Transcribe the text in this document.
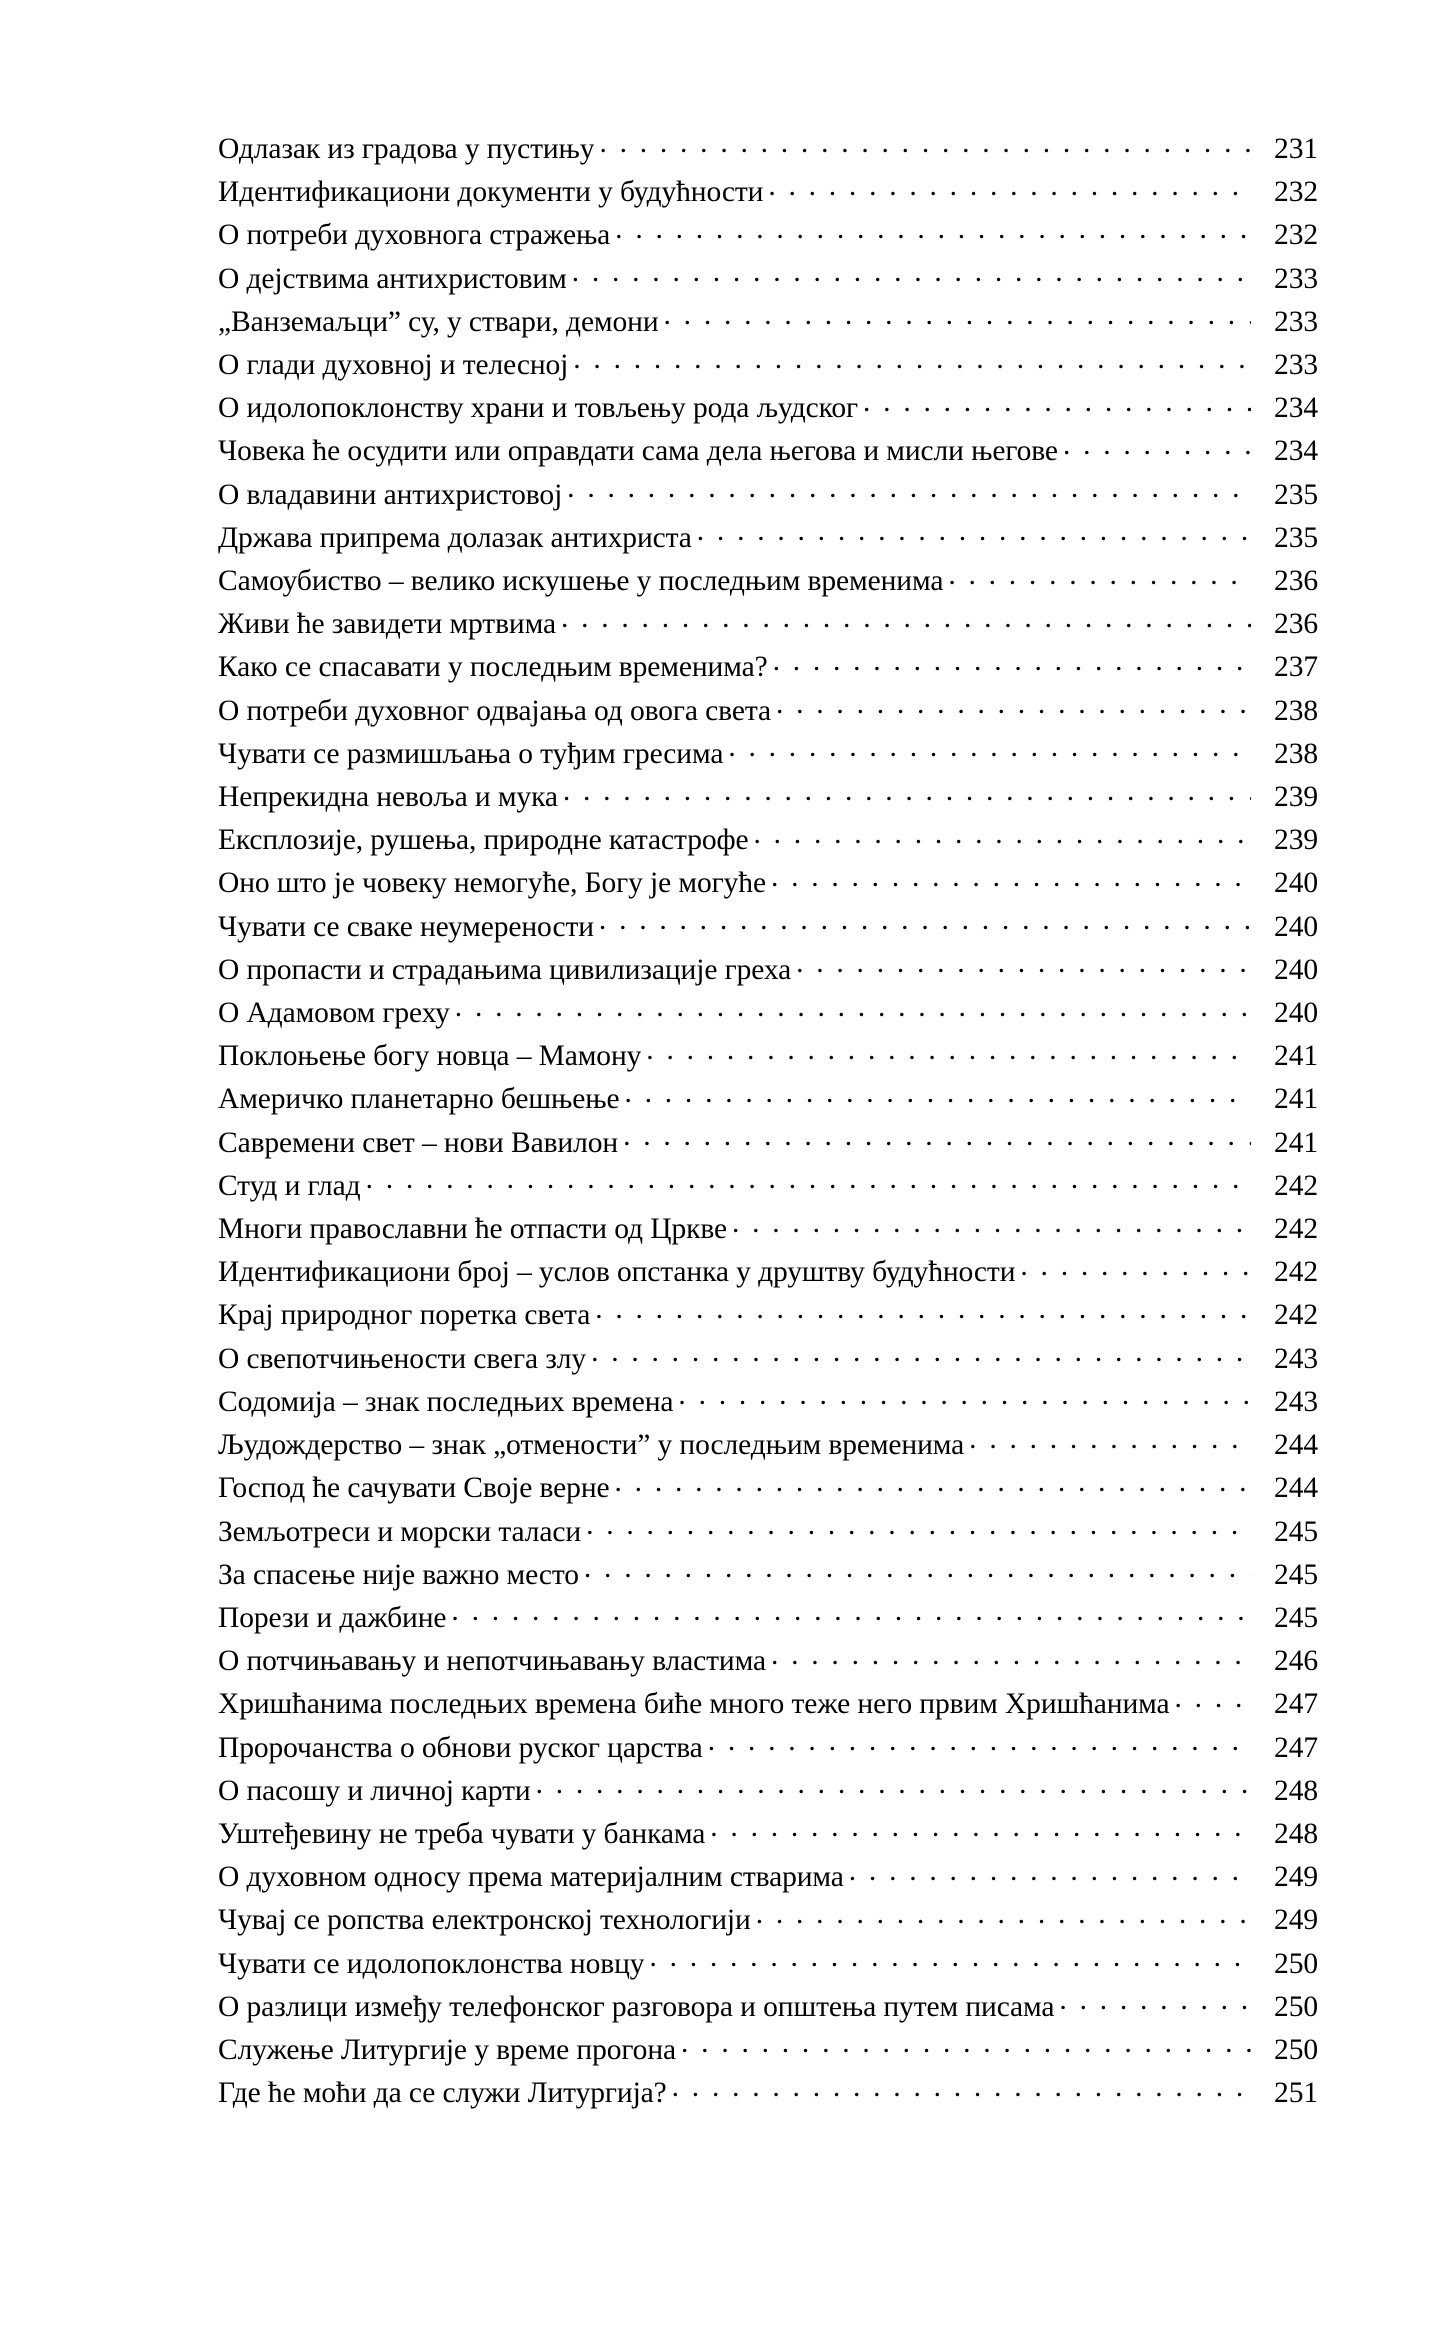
Одлазак из градова у пустињу . . .	231
Идентификациони документи у будућности . . .	232
О потреби духовнога стражења . . .	232
О дејствима антихристовим . . .	233
„Ванземаљци” су, у ствари, демони . . .	233
О глади духовној и телесној . . .	233
О идолопоклонству храни и товљењу рода људског . . .	234
Човека ће осудити или оправдати сама дела његова и мисли његове . . .	234
О владавини антихристовој . . .	235
Држава припрема долазак антихриста . . .	235
Самоубиство – велико искушење у последњим временима . . .	236
Живи ће завидети мртвима . . .	236
Како се спасавати у последњим временима? . . .	237
О потреби духовног одвајања од овога света . . .	238
Чувати се размишљања о туђим гресима . . .	238
Непрекидна невоља и мука . . .	239
Експлозије, рушења, природне катастрофе . . .	239
Оно што је човеку немогуће, Богу је могуће . . .	240
Чувати се сваке неумерености . . .	240
О пропасти и страдањима цивилизације греха . . .	240
О Адамовом греху . . .	240
Поклоњење богу новца – Мамону . . .	241
Америчко планетарно бешњење . . .	241
Савремени свет – нови Вавилон . . .	241
Студ и глад . . .	242
Многи православни ће отпасти од Цркве . . .	242
Идентификациони број – услов опстанка у друштву будућности . . .	242
Крај природног поретка света . . .	242
О свепотчињености свега злу . . .	243
Содомија – знак последњих времена . . .	243
Људождерство – знак „отмености” у последњим временима . . .	244
Господ ће сачувати Своје верне . . .	244
Земљотреси и морски таласи . . .	245
За спасење није важно место . . .	245
Порези и дажбине . . .	245
О потчињавању и непотчињавању властима . . .	246
Хришћанима последњих времена биће много теже него првим Хришћанима . . .	247
Пророчанства о обнови руског царства . . .	247
О пасошу и личној карти . . .	248
Уштеђевину не треба чувати у банкама . . .	248
О духовном односу према материјалним стварима . . .	249
Чувај се ропства електронској технологији . . .	249
Чувати се идолопоклонства новцу . . .	250
О разлици између телефонског разговора и општења путем писама . . .	250
Служење Литургије у време прогона . . .	250
Где ће моћи да се служи Литургија? . . .	251
